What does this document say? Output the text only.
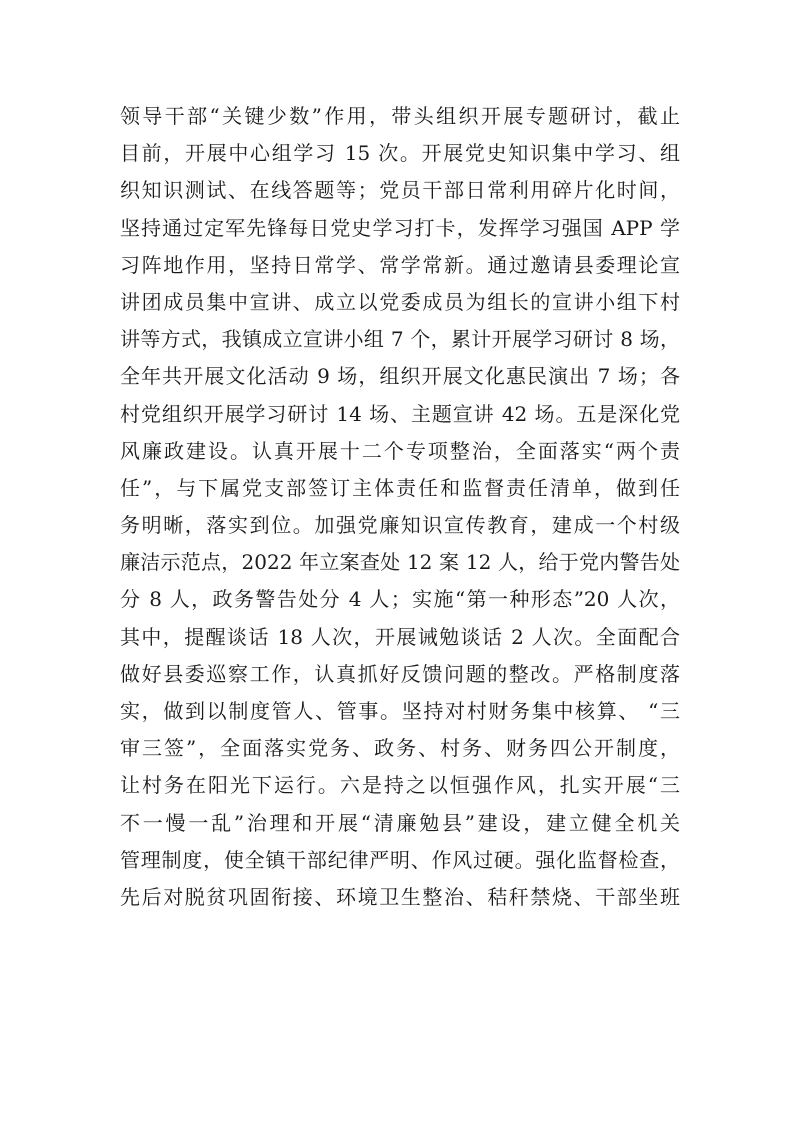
领导干部“关键少数”作用，带头组织开展专题研讨，截止
目前，开展中心组学习 15 次。开展党史知识集中学习、组
织知识测试、在线答题等；党员干部日常利用碎片化时间，
坚持通过定军先锋每日党史学习打卡，发挥学习强国 APP 学
习阵地作用，坚持日常学、常学常新。通过邀请县委理论宣
讲团成员集中宣讲、成立以党委成员为组长的宣讲小组下村
讲等方式，我镇成立宣讲小组 7 个，累计开展学习研讨 8 场，
全年共开展文化活动 9 场，组织开展文化惠民演出 7 场；各
村党组织开展学习研讨 14 场、主题宣讲 42 场。五是深化党
风廉政建设。认真开展十二个专项整治，全面落实“两个责
任”，与下属党支部签订主体责任和监督责任清单，做到任
务明晰，落实到位。加强党廉知识宣传教育，建成一个村级
廉洁示范点，2022 年立案查处 12 案 12 人，给于党内警告处
分 8 人，政务警告处分 4 人；实施“第一种形态”20 人次，
其中，提醒谈话 18 人次，开展诫勉谈话 2 人次。全面配合
做好县委巡察工作，认真抓好反馈问题的整改。严格制度落
实，做到以制度管人、管事。坚持对村财务集中核算、 “三
审三签”，全面落实党务、政务、村务、财务四公开制度，
让村务在阳光下运行。六是持之以恒强作风，扎实开展“三
不一慢一乱”治理和开展“清廉勉县”建设，建立健全机关
管理制度，使全镇干部纪律严明、作风过硬。强化监督检查，
先后对脱贫巩固衔接、环境卫生整治、秸秆禁烧、干部坐班
